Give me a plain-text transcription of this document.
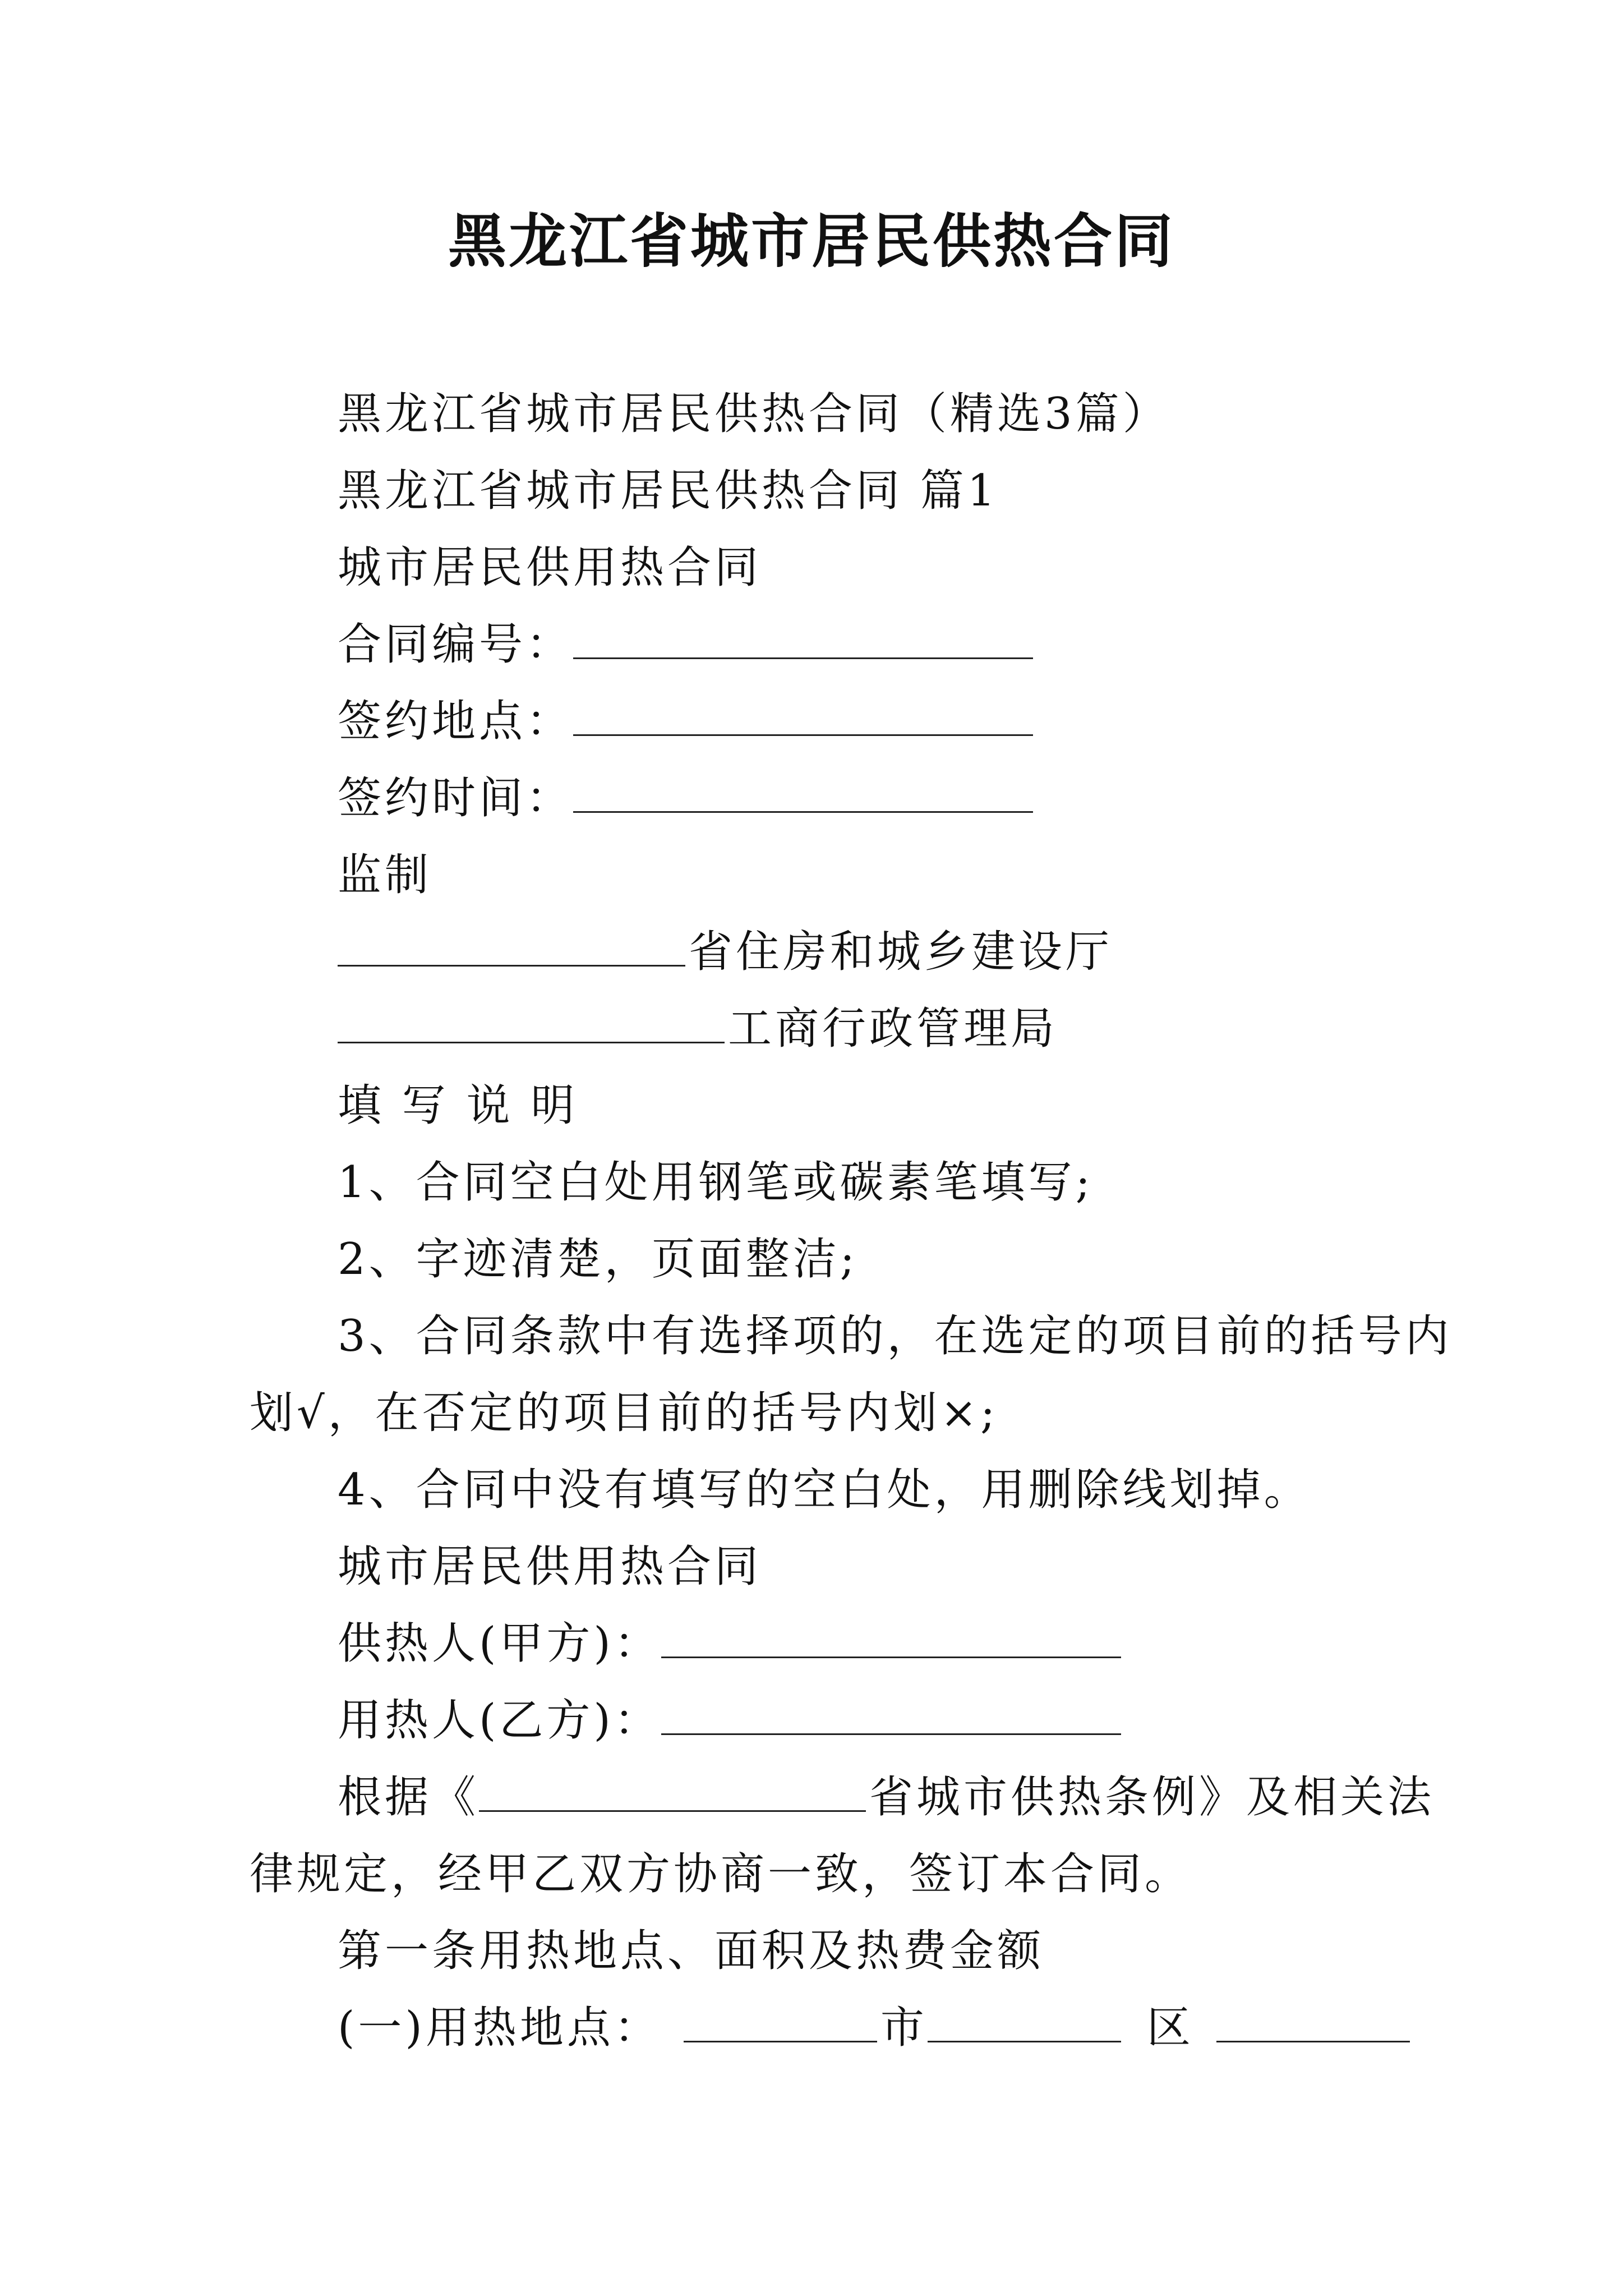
黑龙江省城市居民供热合同
黑龙江省城市居民供热合同（精选3篇）
黑龙江省城市居民供热合同 篇1
城市居民供用热合同
合同编号：
签约地点：
签约时间：
监制
省住房和城乡建设厅
工商行政管理局
填 写 说 明
1、合同空白处用钢笔或碳素笔填写;
2、字迹清楚，页面整洁;
3、合同条款中有选择项的，在选定的项目前的括号内
划√，在否定的项目前的括号内划×;
4、合同中没有填写的空白处，用删除线划掉。
城市居民供用热合同
供热人(甲方)：
用热人(乙方)：
根据《	省城市供热条例》及相关法
律规定，经甲乙双方协商一致，签订本合同。
第一条用热地点、面积及热费金额
(一)用热地点：	市	区
